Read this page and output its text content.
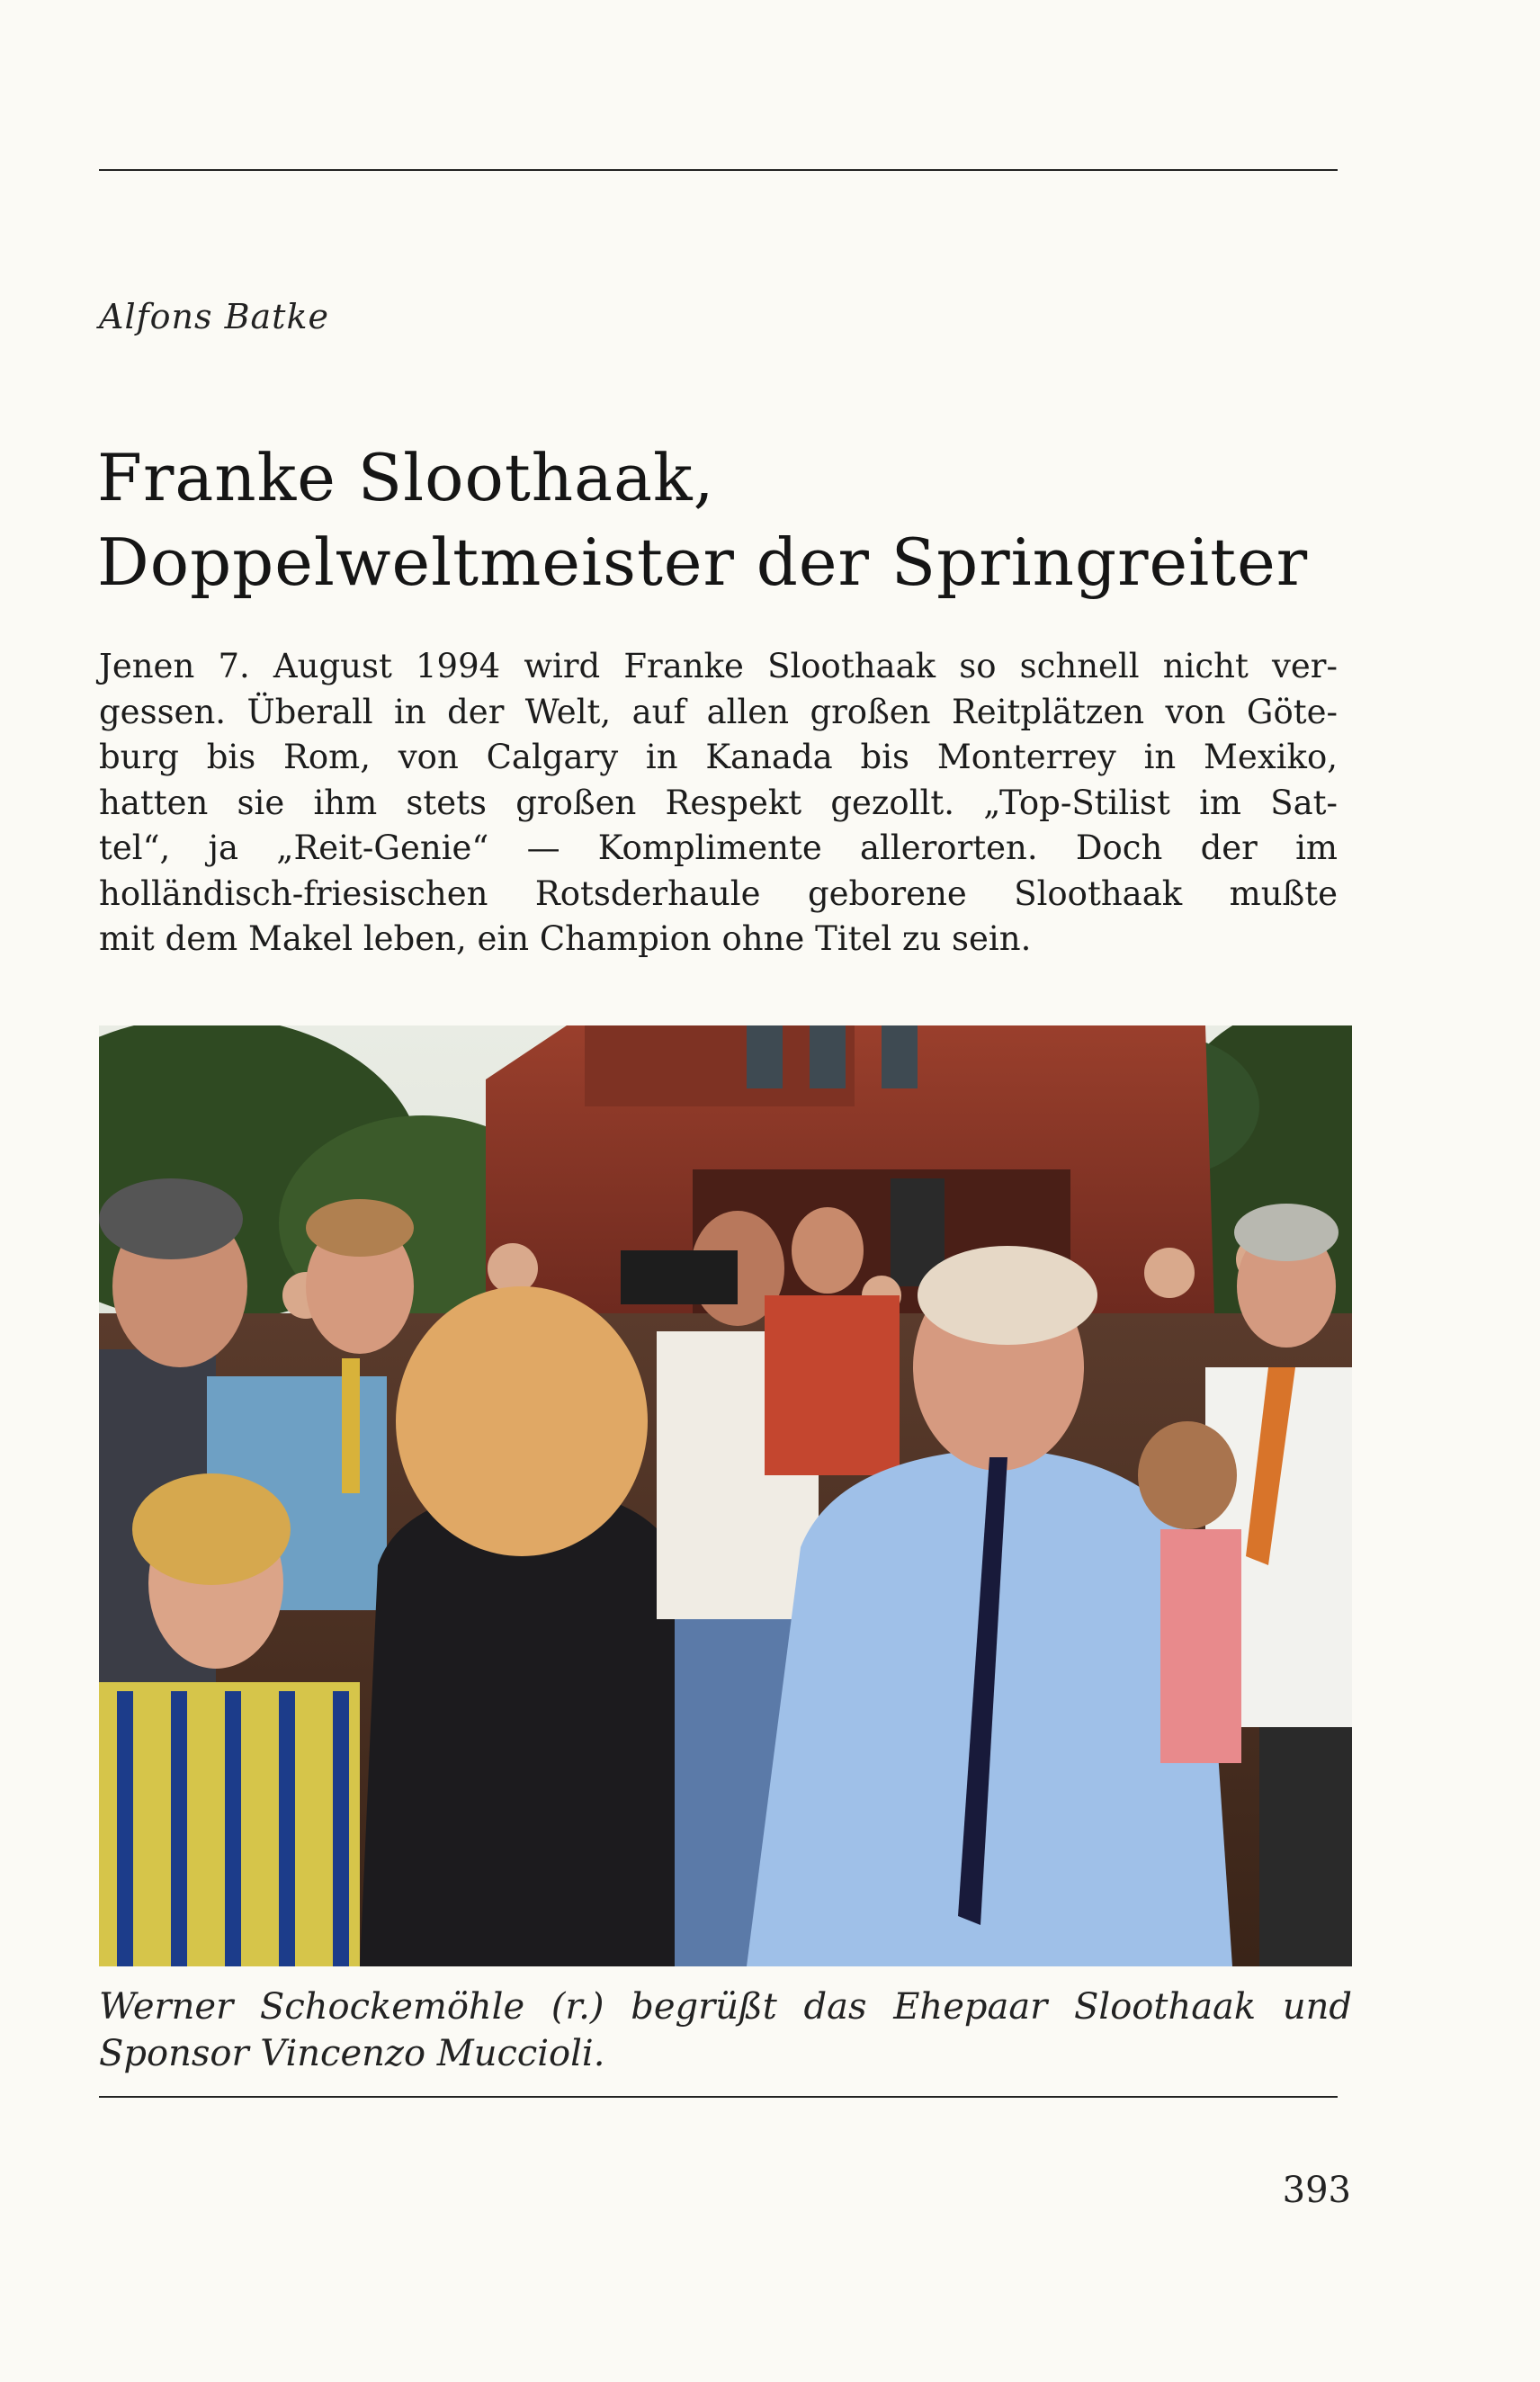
Alfons Batke
Franke Sloothaak,
Doppelweltmeister der Springreiter
Jenen 7. August 1994 wird Franke Sloothaak so schnell nicht ver-
gessen. Überall in der Welt, auf allen großen Reitplätzen von Göte-
burg bis Rom, von Calgary in Kanada bis Monterrey in Mexiko,
hatten sie ihm stets großen Respekt gezollt. „Top-Stilist im Sat-
tel“, ja „Reit-Genie“ — Komplimente allerorten. Doch der im
holländisch-friesischen Rotsderhaule geborene Sloothaak mußte
mit dem Makel leben, ein Champion ohne Titel zu sein.
Werner Schockemöhle (r.) begrüßt das Ehepaar Sloothaak und
Sponsor Vincenzo Muccioli.
393
